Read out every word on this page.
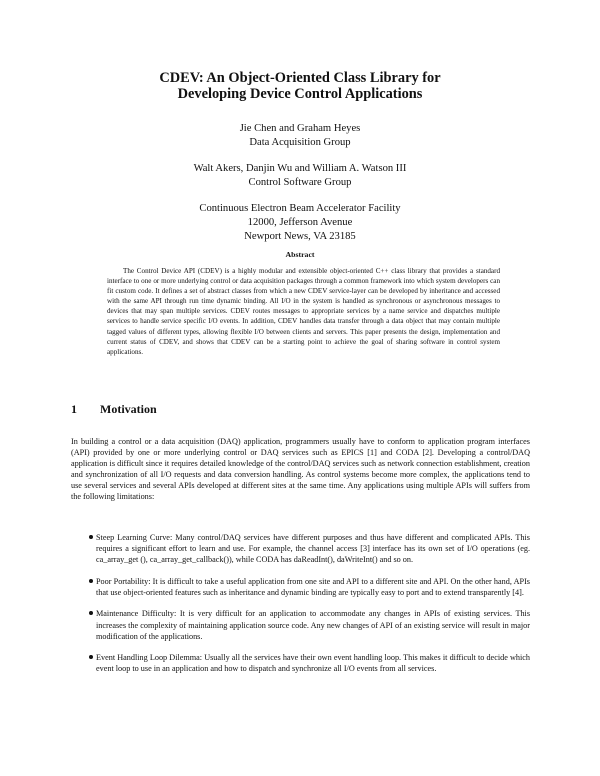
CDEV: An Object-Oriented Class Library for
Developing Device Control Applications
Jie Chen and Graham Heyes
Data Acquisition Group
Walt Akers, Danjin Wu and William A. Watson III
Control Software Group
Continuous Electron Beam Accelerator Facility
12000, Jefferson Avenue
Newport News, VA 23185
Abstract

The Control Device API (CDEV) is a highly modular and extensible object-oriented C++ class library that provides a standard interface to one or more underlying control or data acquisition packages through a common framework into which system developers can fit custom code. It defines a set of abstract classes from which a new CDEV service-layer can be developed by inheritance and accessed with the same API through run time dynamic binding. All I/O in the system is handled as synchronous or asynchronous messages to devices that may span multiple services. CDEV routes messages to appropriate services by a name service and dispatches multiple services to handle service specific I/O events. In addition, CDEV handles data transfer through a data object that may contain multiple tagged values of different types, allowing flexible I/O between clients and servers. This paper presents the design, implementation and current status of CDEV, and shows that CDEV can be a starting point to achieve the goal of sharing software in control system applications.

1 Motivation

In building a control or a data acquisition (DAQ) application, programmers usually have to conform to application program interfaces (API) provided by one or more underlying control or DAQ services such as EPICS [1] and CODA [2]. Developing a control/DAQ application is difficult since it requires detailed knowledge of the control/DAQ services such as network connection establishment, creation and synchronization of all I/O requests and data conversion handling. As control systems become more complex, the applications tend to use several services and several APIs developed at different sites at the same time. Any applications using multiple APIs will suffers from the following limitations:

Steep Learning Curve: Many control/DAQ services have different purposes and thus have different and complicated APIs. This requires a significant effort to learn and use. For example, the channel access [3] interface has its own set of I/O operations (eg. ca_array_get (), ca_array_get_callback()), while CODA has daReadInt(), daWriteInt() and so on.
Poor Portability: It is difficult to take a useful application from one site and API to a different site and API. On the other hand, APIs that use object-oriented features such as inheritance and dynamic binding are typically easy to port and to extend transparently [4].
Maintenance Difficulty: It is very difficult for an application to accommodate any changes in APIs of existing services. This increases the complexity of maintaining application source code. Any new changes of API of an existing service will result in major modification of the applications.
Event Handling Loop Dilemma: Usually all the services have their own event handling loop. This makes it difficult to decide which event loop to use in an application and how to dispatch and synchronize all I/O events from all services.
